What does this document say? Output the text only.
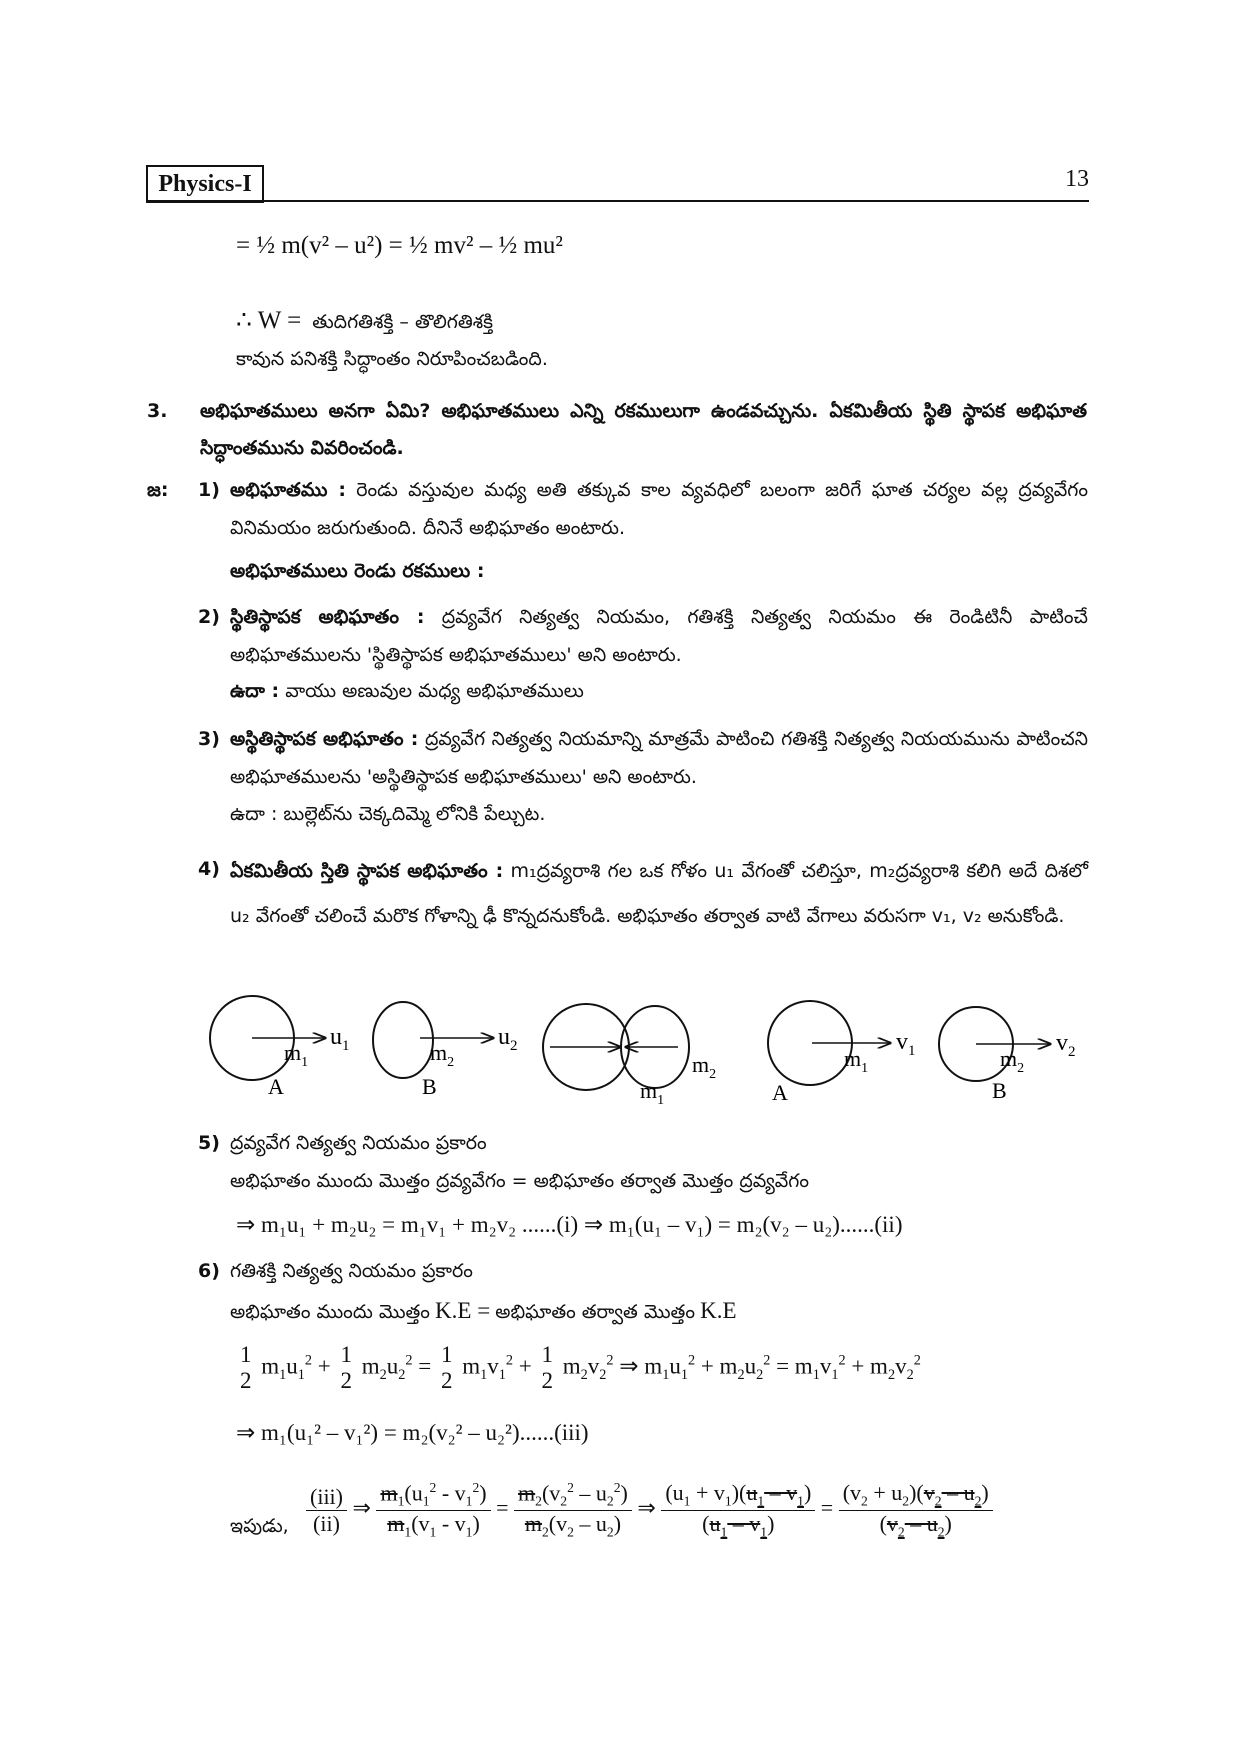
Physics-I	13
= ½ m(v² – u²) = ½ mv² – ½ mu²
∴ W = తుదిగతిశక్తి – తొలిగతిశక్తి
కావున పనిశక్తి సిద్ధాంతం నిరూపించబడింది.
3. అభిఘాతములు అనగా ఏమి? అభిఘాతములు ఎన్ని రకములుగా ఉండవచ్చును. ఏకమితీయ స్థితి స్థాపక అభిఘాత సిద్ధాంతమును వివరించండి.
జ: 1) అభిఘాతము : రెండు వస్తువుల మధ్య అతి తక్కువ కాల వ్యవధిలో బలంగా జరిగే ఘాత చర్యల వల్ల ద్రవ్యవేగం వినిమయం జరుగుతుంది. దీనినే అభిఘాతం అంటారు.
అభిఘాతములు రెండు రకములు :
2) స్థితిస్థాపక అభిఘాతం : ద్రవ్యవేగ నిత్యత్వ నియమం, గతిశక్తి నిత్యత్వ నియమం ఈ రెండిటినీ పాటించే అభిఘాతములను 'స్థితిస్థాపక అభిఘాతములు' అని అంటారు.
ఉదా : వాయు అణువుల మధ్య అభిఘాతములు
3) అస్థితిస్థాపక అభిఘాతం : ద్రవ్యవేగ నిత్యత్వ నియమాన్ని మాత్రమే పాటించి గతిశక్తి నిత్యత్వ నియయమును పాటించని అభిఘాతములను 'అస్థితిస్థాపక అభిఘాతములు' అని అంటారు.
ఉదా : బుల్లెట్‌ను చెక్కదిమ్మె లోనికి పేల్చుట.
4) ఏకమితీయ స్తితి స్థాపక అభిఘాతం : m₁ద్రవ్యరాశి గల ఒక గోళం u₁ వేగంతో చలిస్తూ, m₂ద్రవ్యరాశి కలిగి అదే దిశలో u₂ వేగంతో చలించే మరొక గోళాన్ని ఢీ కొన్నదనుకోండి. అభిఘాతం తర్వాత వాటి వేగాలు వరుసగా v₁, v₂ అనుకోండి.
$u_1$
$m_1$
A
$u_2$
$m_2$
B	$m_1$
$m_2$
$v_1$
$m_1$
A
$v_2$
$m_2$
B
5) ద్రవ్యవేగ నిత్యత్వ నియమం ప్రకారం
అభిఘాతం ముందు మొత్తం ద్రవ్యవేగం = అభిఘాతం తర్వాత మొత్తం ద్రవ్యవేగం
⇒ m₁u₁ + m₂u₂ = m₁v₁ + m₂v₂ ......(i) ⇒ m₁(u₁ – v₁) = m₂(v₂ – u₂)......(ii)
6) గతిశక్తి నిత్యత్వ నియమం ప్రకారం
అభిఘాతం ముందు మొత్తం K.E = అభిఘాతం తర్వాత మొత్తం K.E
1
2
$m_1u_1^2 + 1$
2
$m_2u_2^2 = 1$
2
$m_1v_1^2 + 1$
2
$m_2v_2^2$ ⇒ $m_1u_1^2 + m_2u_2^2 = m_1v_1^2 + m_2v_2^2$
⇒ m₁(u₁² – v₁²) = m₂(v₂² – u₂²)......(iii)
ఇపుడు, $\frac{\text{(iii)}}{(ii)}$ ⇒ $\frac{m_1(u_1^2 - v_1^2)}{m_1(v_1 - v_1)} = \frac{m_2(v_2^2 - u_2^2)}{m_2(v_2 - u_2)}$ ⇒ $\frac{(u_1 + v_1)(u_1 - v_1)}{(u_1 - v_1)} = \frac{(v_2 + u_2)(v_2 - u_2)}{(v_2 - u_2)}$
